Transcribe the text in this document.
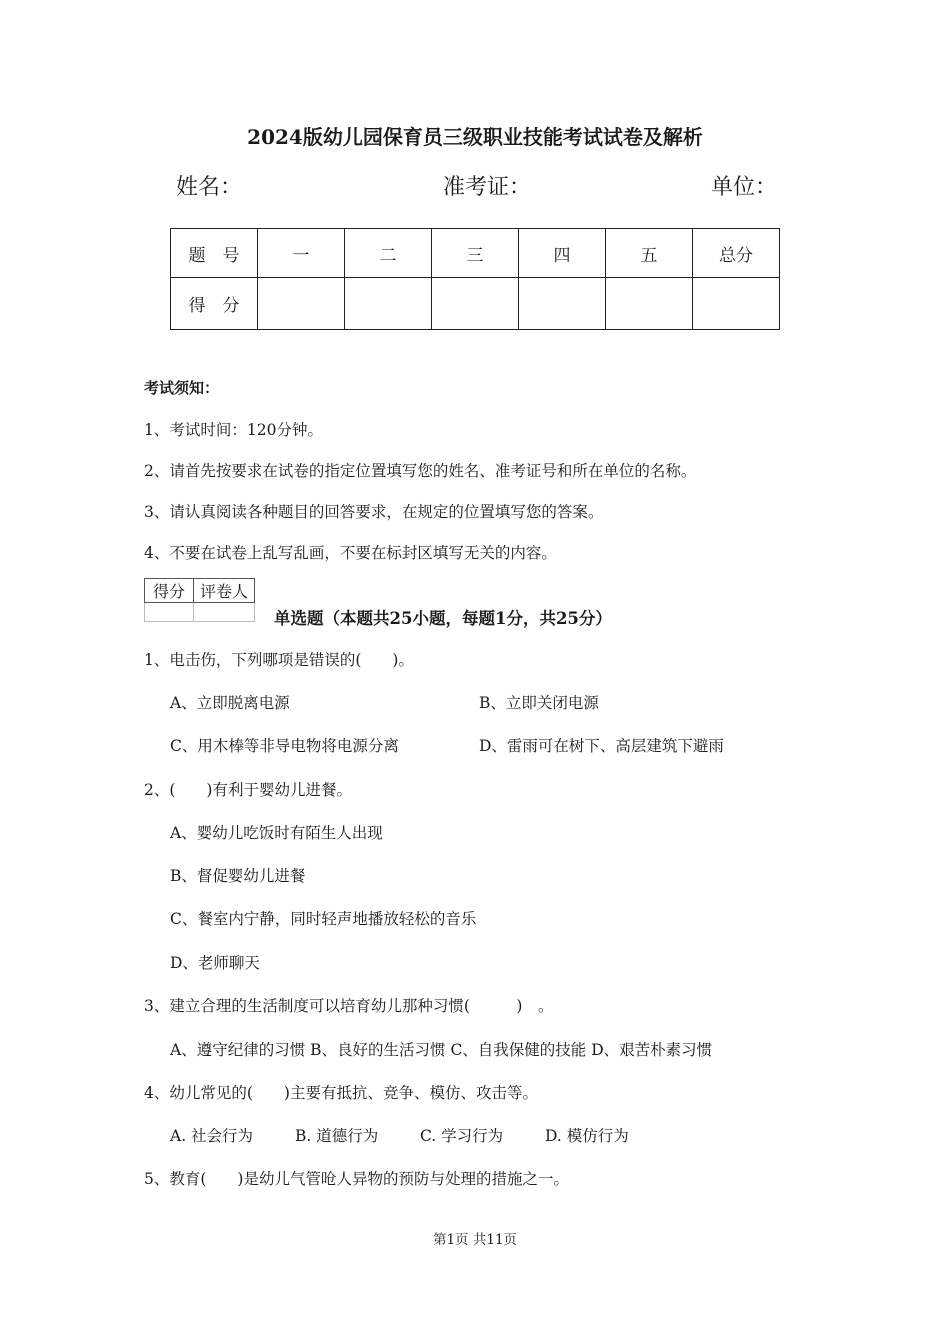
2024版幼儿园保育员三级职业技能考试试卷及解析
姓名：	准考证：	单位：
题　号	一	二	三	四	五	总分
得　分						
考试须知：
1、考试时间：120分钟。
2、请首先按要求在试卷的指定位置填写您的姓名、准考证号和所在单位的名称。
3、请认真阅读各种题目的回答要求，在规定的位置填写您的答案。
4、不要在试卷上乱写乱画，不要在标封区填写无关的内容。
得分	评卷人

单选题（本题共25小题，每题1分，共25分）
1、电击伤，下列哪项是错误的(　　)。
A、立即脱离电源	B、立即关闭电源
C、用木棒等非导电物将电源分离	D、雷雨可在树下、高层建筑下避雨
2、(　　)有利于婴幼儿进餐。
A、婴幼儿吃饭时有陌生人出现
B、督促婴幼儿进餐
C、餐室内宁静，同时轻声地播放轻松的音乐
D、老师聊天
3、建立合理的生活制度可以培育幼儿那种习惯(　　　)　。
A、遵守纪律的习惯 B、良好的生活习惯 C、自我保健的技能 D、艰苦朴素习惯
4、幼儿常见的(　　)主要有抵抗、竞争、模仿、攻击等。
A. 社会行为	B. 道德行为	C. 学习行为	D. 模仿行为
5、教育(　　)是幼儿气管呛人异物的预防与处理的措施之一。
第1页 共11页
